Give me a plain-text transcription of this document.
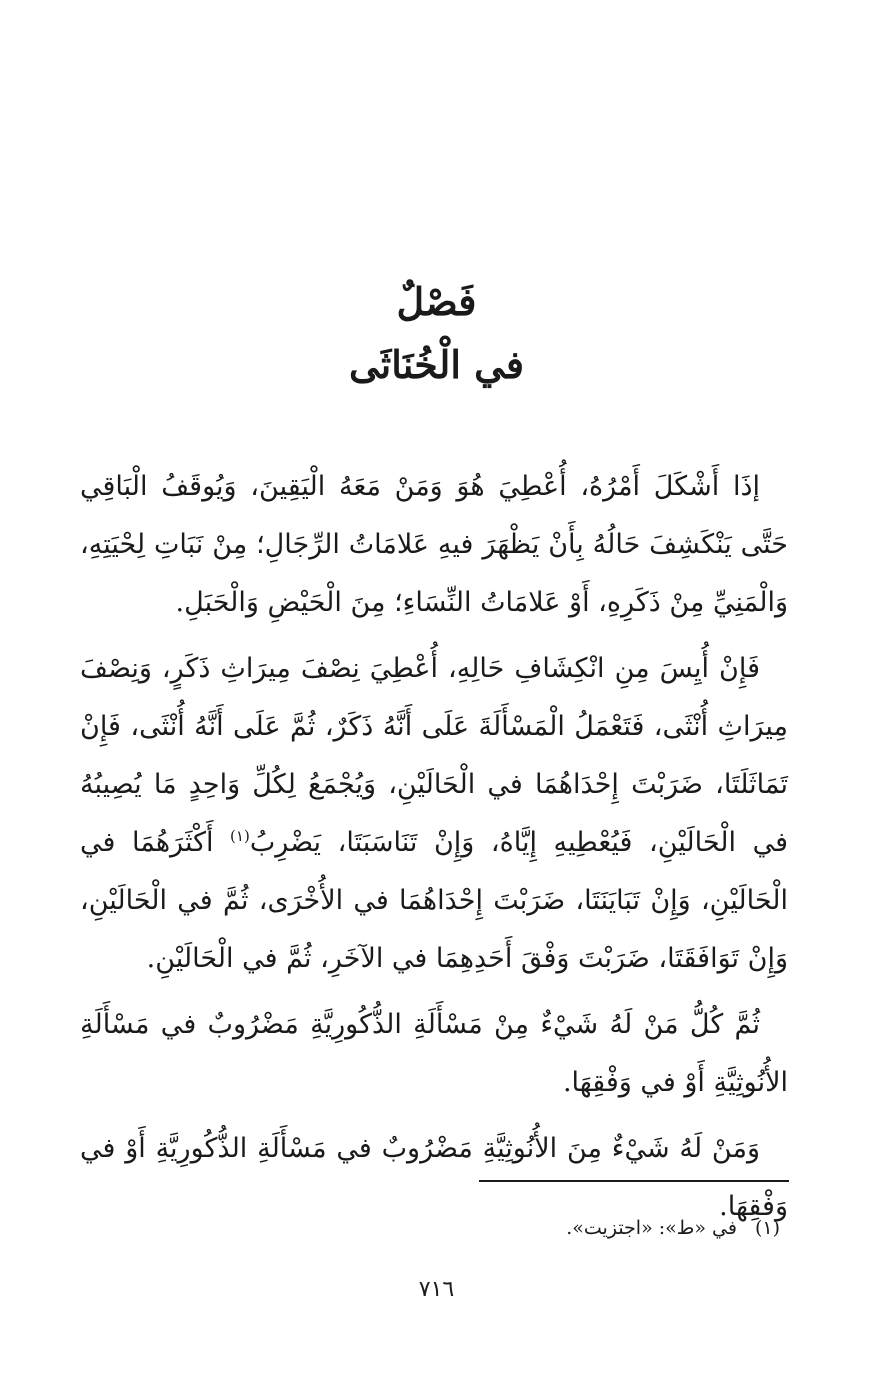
فَصْلٌ
في الْخُنَاثَى

إذَا أَشْكَلَ أَمْرُهُ، أُعْطِيَ هُوَ وَمَنْ مَعَهُ الْيَقِينَ، وَيُوقَفُ الْبَاقِي حَتَّى يَنْكَشِفَ حَالُهُ بِأَنْ يَظْهَرَ فيهِ عَلامَاتُ الرِّجَالِ؛ مِنْ نَبَاتِ لِحْيَتِهِ، وَالْمَنِيِّ مِنْ ذَكَرِهِ، أَوْ عَلامَاتُ النِّسَاءِ؛ مِنَ الْحَيْضِ وَالْحَبَلِ.

فَإِنْ أُيِسَ مِنِ انْكِشَافِ حَالِهِ، أُعْطِيَ نِصْفَ مِيرَاثِ ذَكَرٍ، وَنِصْفَ مِيرَاثِ أُنْثَى، فَتَعْمَلُ الْمَسْأَلَةَ عَلَى أَنَّهُ ذَكَرٌ، ثُمَّ عَلَى أَنَّهُ أُنْثَى، فَإِنْ تَمَاثَلَتَا، ضَرَبْتَ إِحْدَاهُمَا في الْحَالَيْنِ، وَيُجْمَعُ لِكُلِّ وَاحِدٍ مَا يُصِيبُهُ في الْحَالَيْنِ، فَيُعْطِيهِ إِيَّاهُ، وَإِنْ تَنَاسَبَتَا، يَضْرِبُ$^{(١)}$ أَكْثَرَهُمَا في الْحَالَيْنِ، وَإِنْ تَبَايَنَتَا، ضَرَبْتَ إِحْدَاهُمَا في الأُخْرَى، ثُمَّ في الْحَالَيْنِ، وَإِنْ تَوَافَقَتَا، ضَرَبْتَ وَفْقَ أَحَدِهِمَا في الآخَرِ، ثُمَّ في الْحَالَيْنِ.

ثُمَّ كُلُّ مَنْ لَهُ شَيْءٌ مِنْ مَسْأَلَةِ الذُّكُورِيَّةِ مَضْرُوبٌ في مَسْأَلَةِ الأُنُوثِيَّةِ أَوْ في وَفْقِهَا.

وَمَنْ لَهُ شَيْءٌ مِنَ الأُنُوثِيَّةِ مَضْرُوبٌ في مَسْأَلَةِ الذُّكُورِيَّةِ أَوْ في وَفْقِهَا.

(١)في «ط»: «اجتزيت».
٧١٦
